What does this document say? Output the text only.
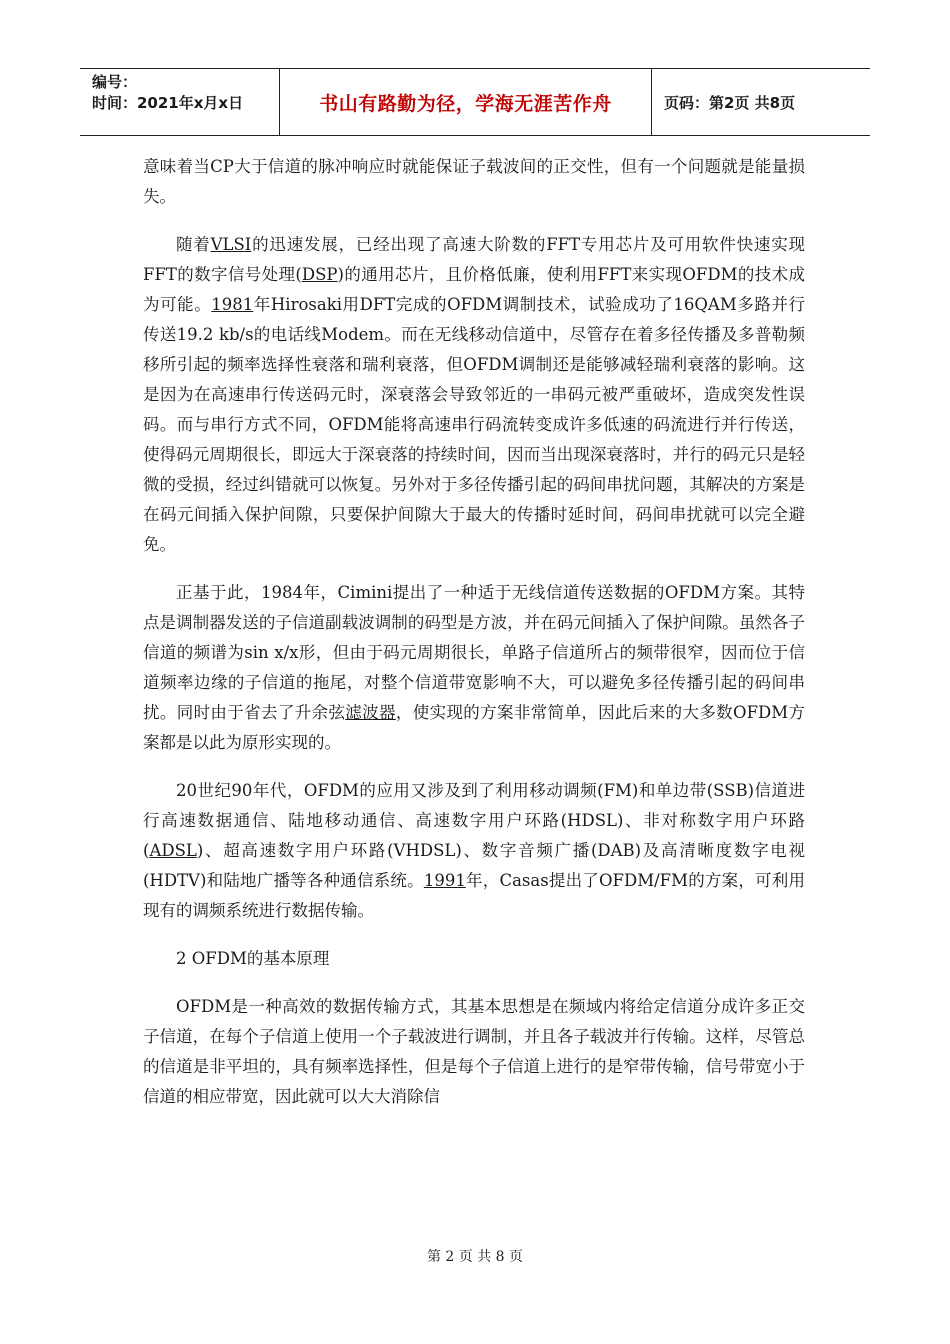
编号：
时间：2021年x月x日	书山有路勤为径，学海无涯苦作舟	页码：第2页 共8页

意味着当CP大于信道的脉冲响应时就能保证子载波间的正交性，但有一个问题就是能量损失。

随着VLSI的迅速发展，已经出现了高速大阶数的FFT专用芯片及可用软件快速实现FFT的数字信号处理(DSP)的通用芯片，且价格低廉，使利用FFT来实现OFDM的技术成为可能。1981年Hirosaki用DFT完成的OFDM调制技术，试验成功了16QAM多路并行传送19.2 kb/s的电话线Modem。而在无线移动信道中，尽管存在着多径传播及多普勒频移所引起的频率选择性衰落和瑞利衰落，但OFDM调制还是能够减轻瑞利衰落的影响。这是因为在高速串行传送码元时，深衰落会导致邻近的一串码元被严重破坏，造成突发性误码。而与串行方式不同，OFDM能将高速串行码流转变成许多低速的码流进行并行传送，使得码元周期很长，即远大于深衰落的持续时间，因而当出现深衰落时，并行的码元只是轻微的受损，经过纠错就可以恢复。另外对于多径传播引起的码间串扰问题，其解决的方案是在码元间插入保护间隙，只要保护间隙大于最大的传播时延时间，码间串扰就可以完全避免。

正基于此，1984年，Cimini提出了一种适于无线信道传送数据的OFDM方案。其特点是调制器发送的子信道副载波调制的码型是方波，并在码元间插入了保护间隙。虽然各子信道的频谱为sin x/x形，但由于码元周期很长，单路子信道所占的频带很窄，因而位于信道频率边缘的子信道的拖尾，对整个信道带宽影响不大，可以避免多径传播引起的码间串扰。同时由于省去了升余弦滤波器，使实现的方案非常简单，因此后来的大多数OFDM方案都是以此为原形实现的。

20世纪90年代，OFDM的应用又涉及到了利用移动调频(FM)和单边带(SSB)信道进行高速数据通信、陆地移动通信、高速数字用户环路(HDSL)、非对称数字用户环路(ADSL)、超高速数字用户环路(VHDSL)、数字音频广播(DAB)及高清晰度数字电视(HDTV)和陆地广播等各种通信系统。1991年，Casas提出了OFDM/FM的方案，可利用现有的调频系统进行数据传输。

2 OFDM的基本原理

OFDM是一种高效的数据传输方式，其基本思想是在频域内将给定信道分成许多正交子信道，在每个子信道上使用一个子载波进行调制，并且各子载波并行传输。这样，尽管总的信道是非平坦的，具有频率选择性，但是每个子信道上进行的是窄带传输，信号带宽小于信道的相应带宽，因此就可以大大消除信

第 2 页 共 8 页
